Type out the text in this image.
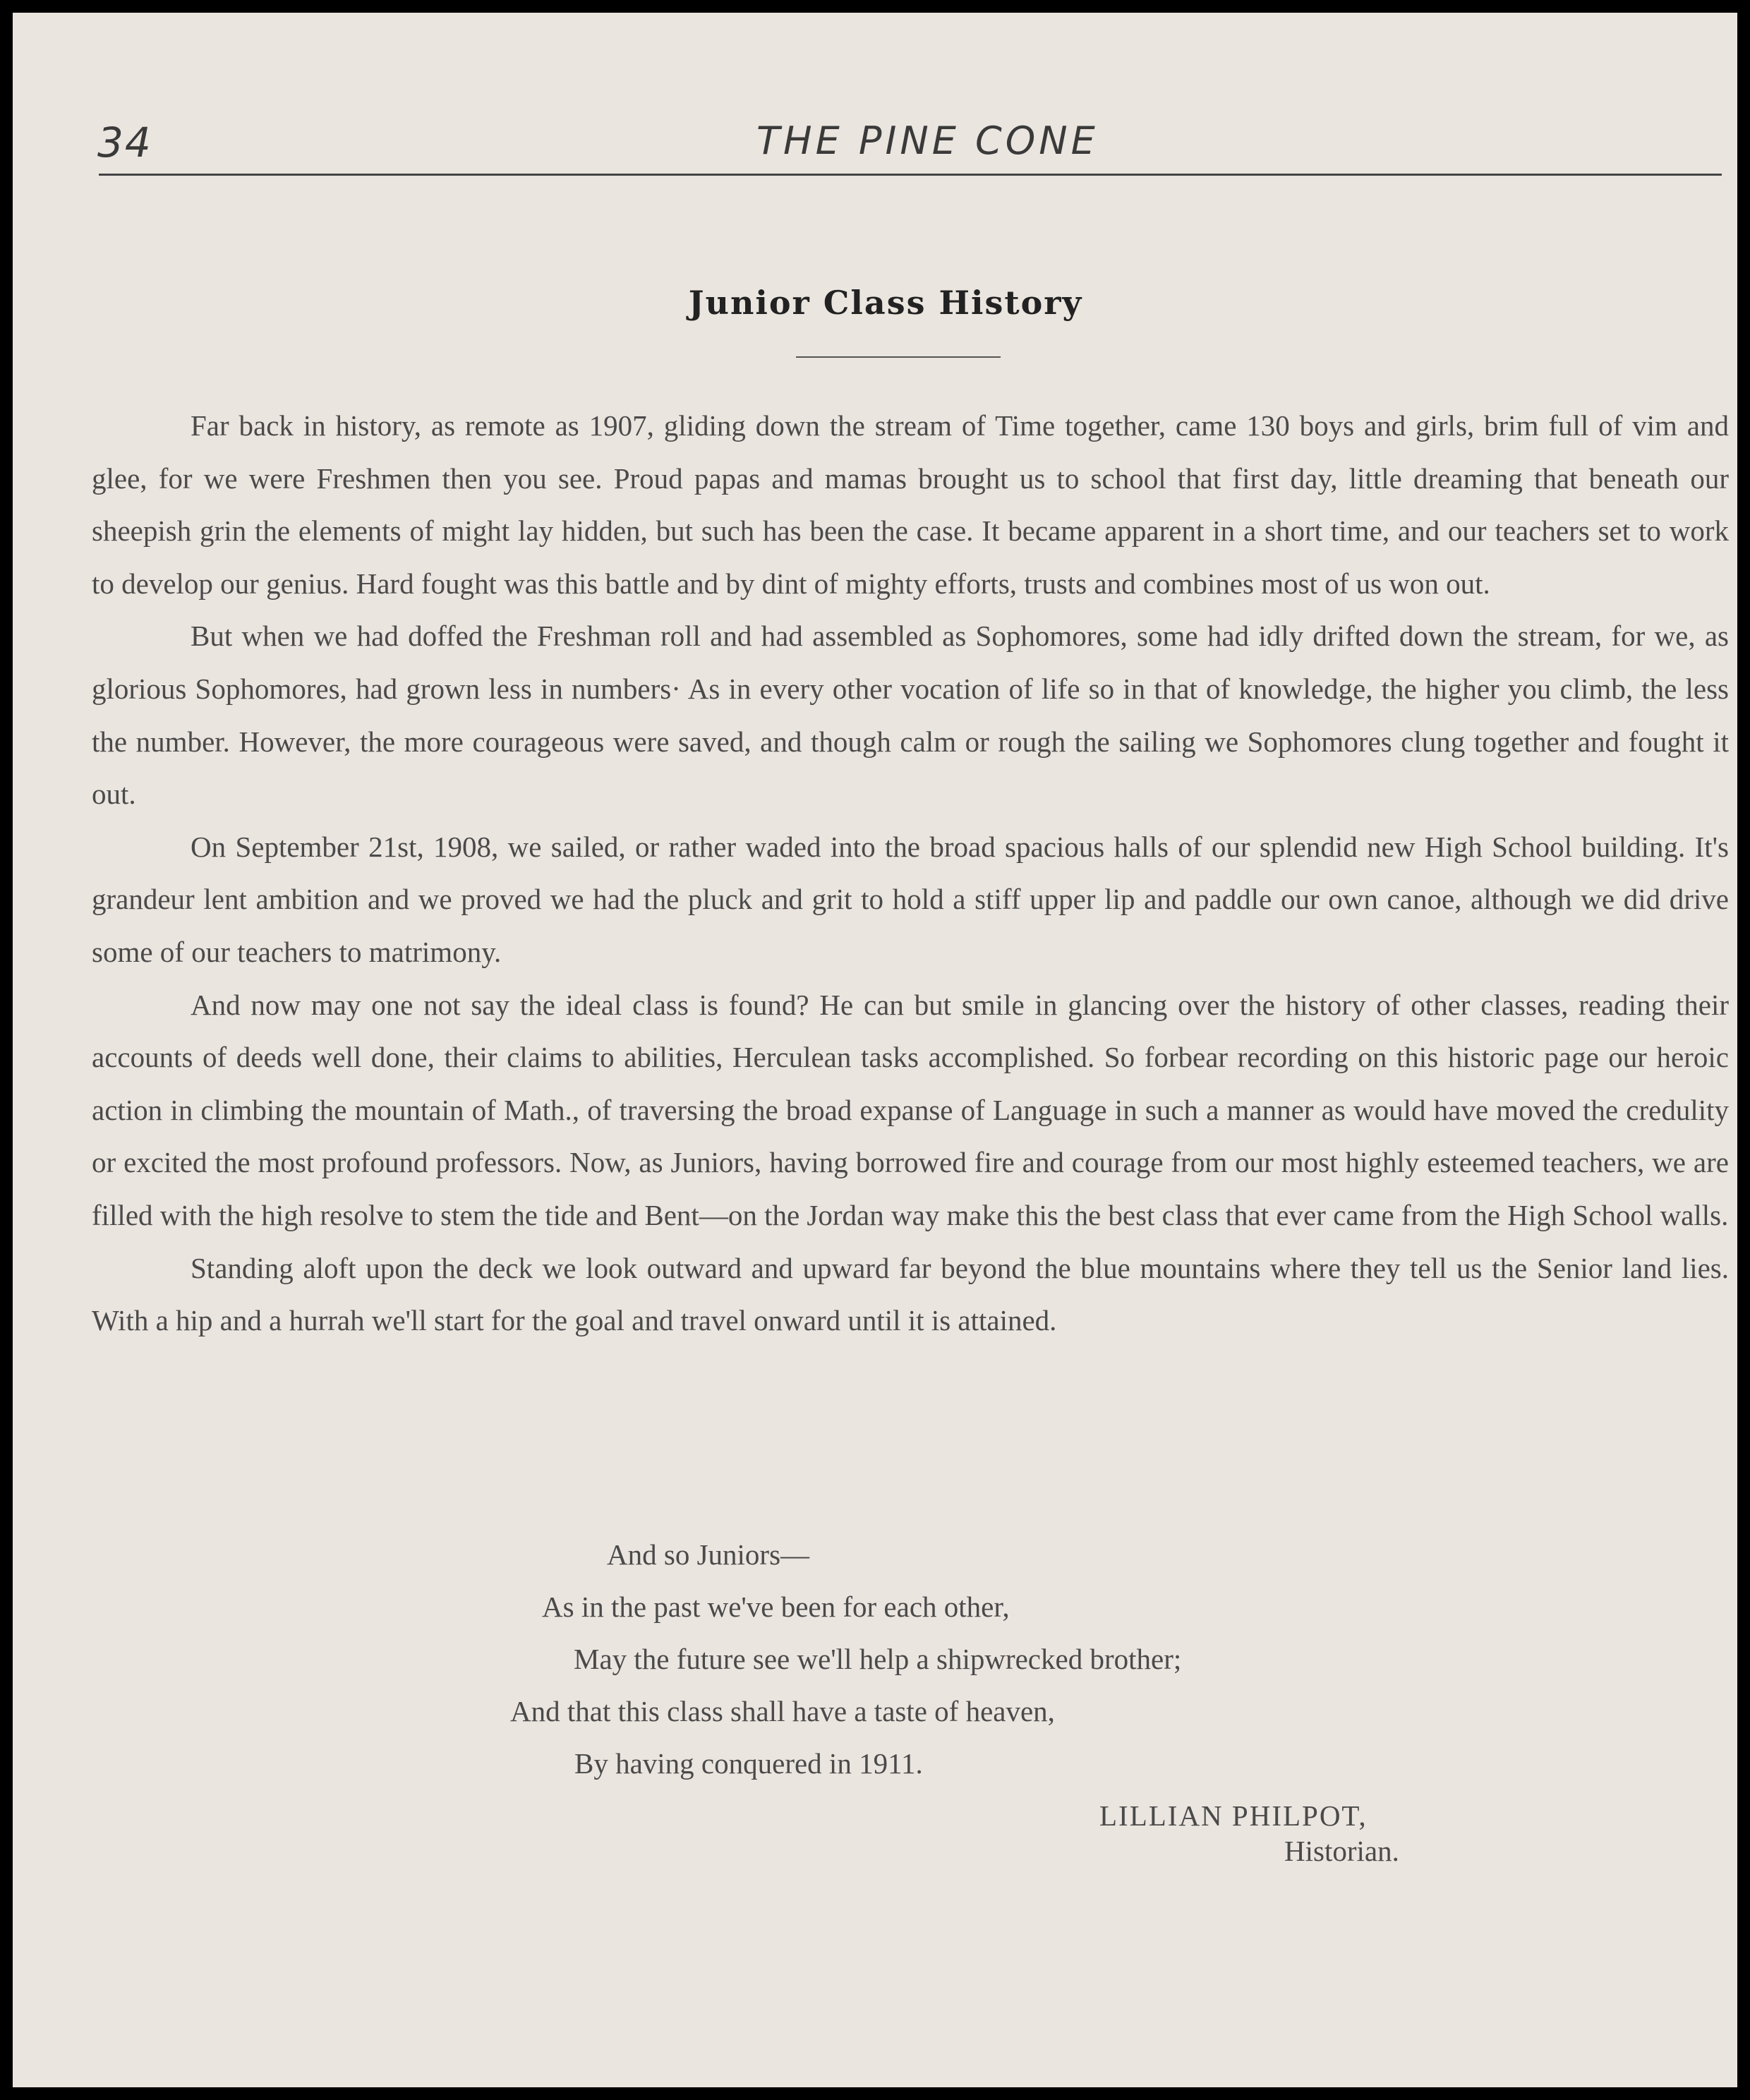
34	THE PINE CONE
Junior Class History

Far back in history, as remote as 1907, gliding down the stream of Time together, came 130 boys and girls, brim full of vim and glee, for we were Freshmen then you see. Proud papas and mamas brought us to school that first day, little dreaming that beneath our sheepish grin the elements of might lay hidden, but such has been the case. It became apparent in a short time, and our teachers set to work to develop our genius. Hard fought was this battle and by dint of mighty efforts, trusts and combines most of us won out.

But when we had doffed the Freshman roll and had assembled as Sophomores, some had idly drifted down the stream, for we, as glorious Sophomores, had grown less in numbers· As in every other vocation of life so in that of knowledge, the higher you climb, the less the number. However, the more courageous were saved, and though calm or rough the sailing we Sophomores clung together and fought it out.

On September 21st, 1908, we sailed, or rather waded into the broad spacious halls of our splendid new High School building. It's grandeur lent ambition and we proved we had the pluck and grit to hold a stiff upper lip and paddle our own canoe, although we did drive some of our teachers to matrimony.

And now may one not say the ideal class is found? He can but smile in glancing over the history of other classes, reading their accounts of deeds well done, their claims to abilities, Herculean tasks accomplished. So forbear recording on this historic page our heroic action in climbing the mountain of Math., of traversing the broad expanse of Language in such a manner as would have moved the credulity or excited the most profound professors. Now, as Juniors, having borrowed fire and courage from our most highly esteemed teachers, we are filled with the high resolve to stem the tide and Bent—on the Jordan way make this the best class that ever came from the High School walls.

Standing aloft upon the deck we look outward and upward far beyond the blue mountains where they tell us the Senior land lies. With a hip and a hurrah we'll start for the goal and travel onward until it is attained.

And so Juniors—
As in the past we've been for each other,
May the future see we'll help a shipwrecked brother;
And that this class shall have a taste of heaven,
By having conquered in 1911.
LILLIAN PHILPOT,
Historian.
